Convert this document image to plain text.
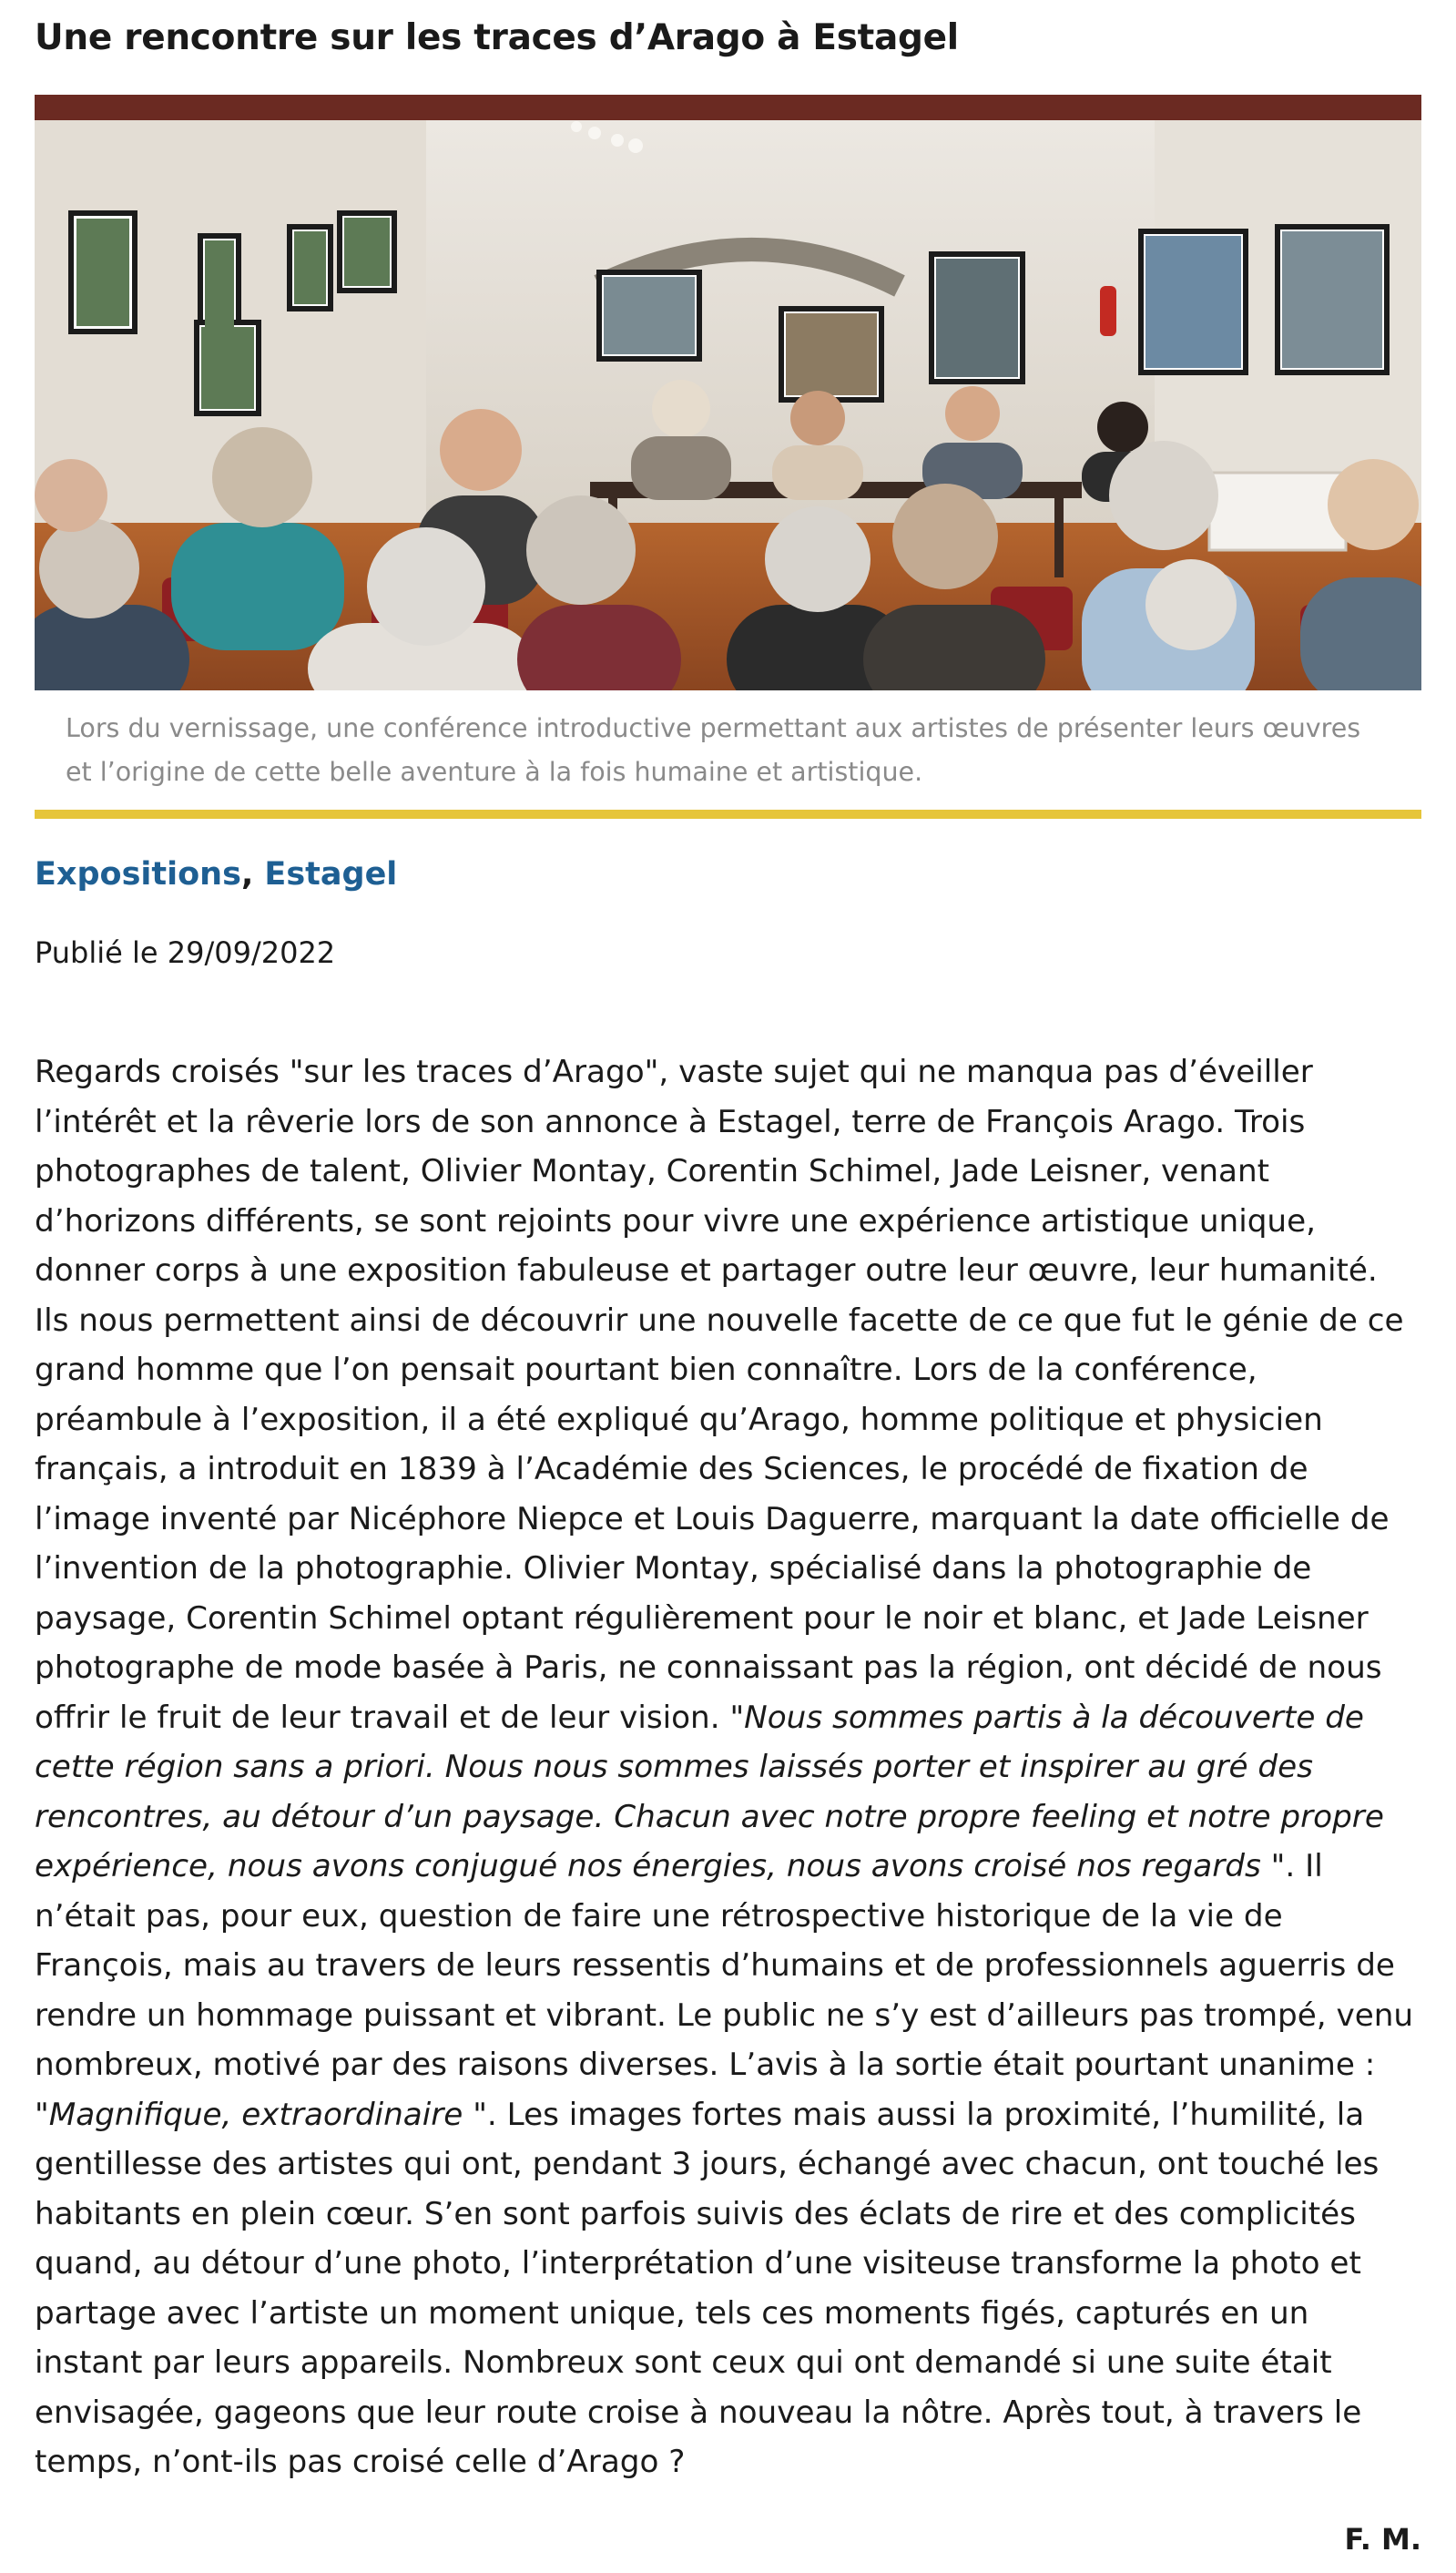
Une rencontre sur les traces d’Arago à Estagel

Lors du vernissage, une conférence introductive permettant aux artistes de présenter leurs œuvres et l’origine de cette belle aventure à la fois humaine et artistique.

Expositions, Estagel
Publié le 29/09/2022

Regards croisés "sur les traces d’Arago", vaste sujet qui ne manqua pas d’éveiller l’intérêt et la rêverie lors de son annonce à Estagel, terre de François Arago. Trois photographes de talent, Olivier Montay, Corentin Schimel, Jade Leisner, venant d’horizons différents, se sont rejoints pour vivre une expérience artistique unique, donner corps à une exposition fabuleuse et partager outre leur œuvre, leur humanité. Ils nous permettent ainsi de découvrir une nouvelle facette de ce que fut le génie de ce grand homme que l’on pensait pourtant bien connaître. Lors de la conférence, préambule à l’exposition, il a été expliqué qu’Arago, homme politique et physicien français, a introduit en 1839 à l’Académie des Sciences, le procédé de fixation de l’image inventé par Nicéphore Niepce et Louis Daguerre, marquant la date officielle de l’invention de la photographie. Olivier Montay, spécialisé dans la photographie de paysage, Corentin Schimel optant régulièrement pour le noir et blanc, et Jade Leisner photographe de mode basée à Paris, ne connaissant pas la région, ont décidé de nous offrir le fruit de leur travail et de leur vision. "Nous sommes partis à la découverte de cette région sans a priori. Nous nous sommes laissés porter et inspirer au gré des rencontres, au détour d’un paysage. Chacun avec notre propre feeling et notre propre expérience, nous avons conjugué nos énergies, nous avons croisé nos regards ". Il n’était pas, pour eux, question de faire une rétrospective historique de la vie de François, mais au travers de leurs ressentis d’humains et de professionnels aguerris de rendre un hommage puissant et vibrant. Le public ne s’y est d’ailleurs pas trompé, venu nombreux, motivé par des raisons diverses. L’avis à la sortie était pourtant unanime : "Magnifique, extraordinaire ". Les images fortes mais aussi la proximité, l’humilité, la gentillesse des artistes qui ont, pendant 3 jours, échangé avec chacun, ont touché les habitants en plein cœur. S’en sont parfois suivis des éclats de rire et des complicités quand, au détour d’une photo, l’interprétation d’une visiteuse transforme la photo et partage avec l’artiste un moment unique, tels ces moments figés, capturés en un instant par leurs appareils. Nombreux sont ceux qui ont demandé si une suite était envisagée, gageons que leur route croise à nouveau la nôtre. Après tout, à travers le temps, n’ont-ils pas croisé celle d’Arago ?

F. M.
